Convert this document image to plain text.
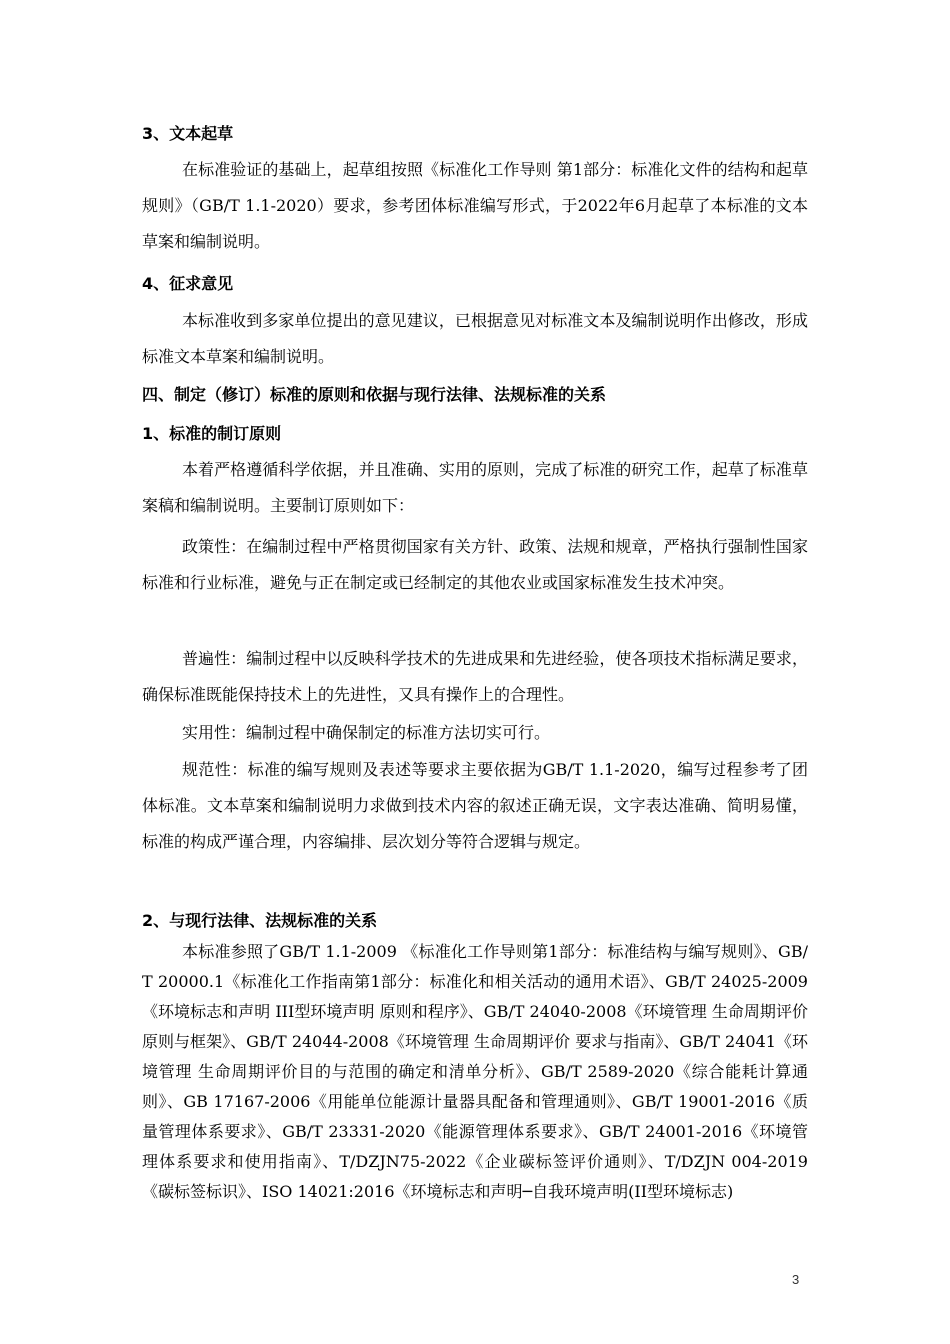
3、文本起草

在标准验证的基础上，起草组按照《标准化工作导则 第1部分：标准化文件的结构和起草规则》（GB/T 1.1-2020）要求，参考团体标准编写形式，于2022年6月起草了本标准的文本草案和编制说明。

4、征求意见

本标准收到多家单位提出的意见建议，已根据意见对标准文本及编制说明作出修改，形成标准文本草案和编制说明。

四、制定（修订）标准的原则和依据与现行法律、法规标准的关系
1、标准的制订原则

本着严格遵循科学依据，并且准确、实用的原则，完成了标准的研究工作，起草了标准草案稿和编制说明。主要制订原则如下：

政策性：在编制过程中严格贯彻国家有关方针、政策、法规和规章，严格执行强制性国家标准和行业标准，避免与正在制定或已经制定的其他农业或国家标准发生技术冲突。

普遍性：编制过程中以反映科学技术的先进成果和先进经验，使各项技术指标满足要求，确保标准既能保持技术上的先进性，又具有操作上的合理性。

实用性：编制过程中确保制定的标准方法切实可行。

规范性：标准的编写规则及表述等要求主要依据为GB/T 1.1-2020，编写过程参考了团体标准。文本草案和编制说明力求做到技术内容的叙述正确无误，文字表达准确、简明易懂，标准的构成严谨合理，内容编排、层次划分等符合逻辑与规定。

2、与现行法律、法规标准的关系

本标准参照了GB/T 1.1-2009 《标准化工作导则第1部分：标准结构与编写规则》、GB/T 20000.1《标准化工作指南第1部分：标准化和相关活动的通用术语》、GB/T 24025-2009《环境标志和声明 III型环境声明 原则和程序》、GB/T 24040-2008《环境管理 生命周期评价 原则与框架》、GB/T 24044-2008《环境管理 生命周期评价 要求与指南》、GB/T 24041《环境管理 生命周期评价目的与范围的确定和清单分析》、GB/T 2589-2020《综合能耗计算通则》、GB 17167-2006《用能单位能源计量器具配备和管理通则》、GB/T 19001-2016《质量管理体系要求》、GB/T 23331-2020《能源管理体系要求》、GB/T 24001-2016《环境管理体系要求和使用指南》、T/DZJN75-2022《企业碳标签评价通则》、T/DZJN 004-2019《碳标签标识》、ISO 14021:2016《环境标志和声明─自我环境声明(II型环境标志)

3
